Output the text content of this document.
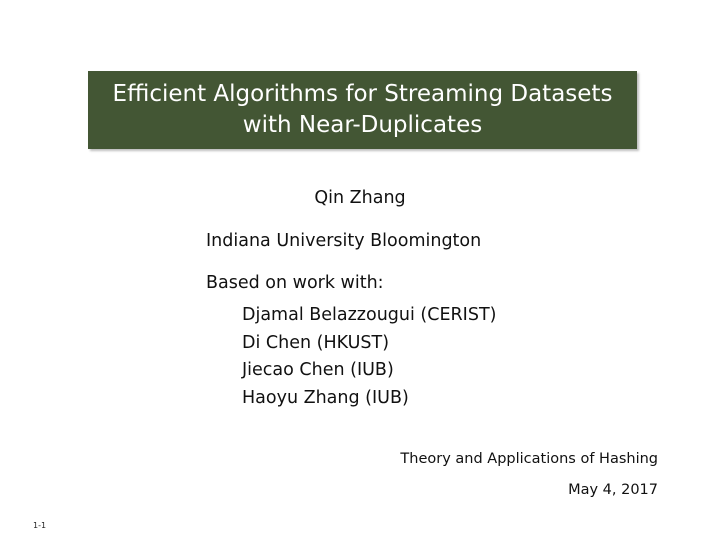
Efficient Algorithms for Streaming Datasets
with Near-Duplicates
Qin Zhang
Indiana University Bloomington
Based on work with:
Djamal Belazzougui (CERIST)
Di Chen (HKUST)
Jiecao Chen (IUB)
Haoyu Zhang (IUB)
Theory and Applications of Hashing
May 4, 2017
1-1
